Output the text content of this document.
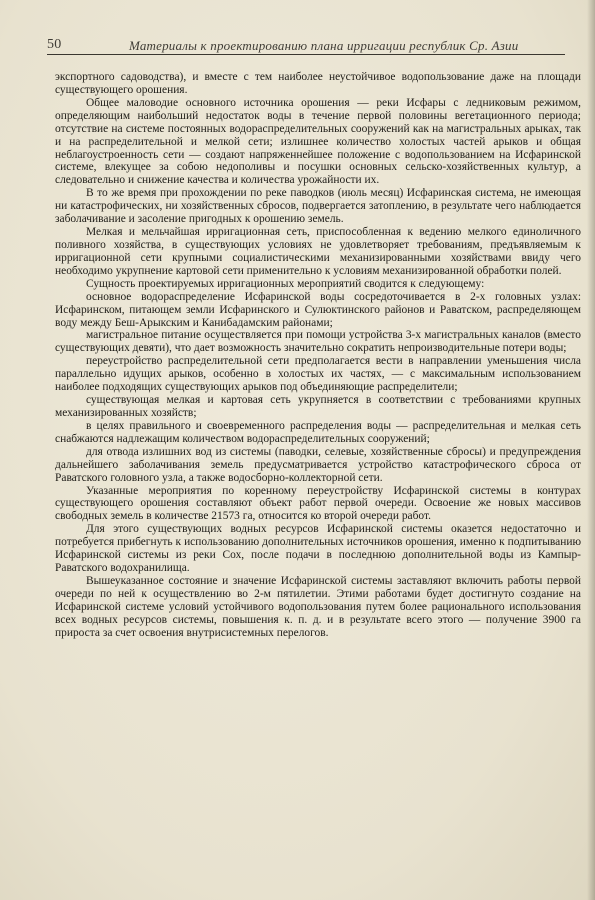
50	Материалы к проектированию плана ирригации республик Ср. Азии

экспортного садоводства), и вместе с тем наиболее неустойчивое водопользование даже на площади существующего орошения.

Общее маловодие основного источника орошения — реки Исфары с ледниковым режимом, определяющим наибольший недостаток воды в течение первой половины вегетационного периода; отсутствие на системе постоянных водораспределительных сооружений как на магистральных арыках, так и на распределительной и мелкой сети; излишнее количество холостых частей арыков и общая неблагоустроенность сети — создают напряженнейшее положение с водопользованием на Исфаринской системе, влекущее за собою недополивы и посушки основных сельско-хозяйственных культур, а следовательно и снижение качества и количества урожайности их.

В то же время при прохождении по реке паводков (июль месяц) Исфаринская система, не имеющая ни катастрофических, ни хозяйственных сбросов, подвергается затоплению, в результате чего наблюдается заболачивание и засоление пригодных к орошению земель.

Мелкая и мельчайшая ирригационная сеть, приспособленная к ведению мелкого единоличного поливного хозяйства, в существующих условиях не удовлетворяет требованиям, предъявляемым к ирригационной сети крупными социалистическими механизированными хозяйствами ввиду чего необходимо укрупнение картовой сети применительно к условиям механизированной обработки полей.

Сущность проектируемых ирригационных мероприятий сводится к следующему:

основное водораспределение Исфаринской воды сосредоточивается в 2-х головных узлах: Исфаринском, питающем земли Исфаринского и Сулюктинского районов и Раватском, распределяющем воду между Беш-Арыкским и Канибадамским районами;

магистральное питание осуществляется при помощи устройства 3-х магистральных каналов (вместо существующих девяти), что дает возможность значительно сократить непроизводительные потери воды;

переустройство распределительной сети предполагается вести в направлении уменьшения числа параллельно идущих арыков, особенно в холостых их частях, — с максимальным использованием наиболее подходящих существующих арыков под объединяющие распределители;

существующая мелкая и картовая сеть укрупняется в соответствии с требованиями крупных механизированных хозяйств;

в целях правильного и своевременного распределения воды — распределительная и мелкая сеть снабжаются надлежащим количеством водораспределительных сооружений;

для отвода излишних вод из системы (паводки, селевые, хозяйственные сбросы) и предупреждения дальнейшего заболачивания земель предусматривается устройство катастрофического сброса от Раватского головного узла, а также водосборно-коллекторной сети.

Указанные мероприятия по коренному переустройству Исфаринской системы в контурах существующего орошения составляют объект работ первой очереди. Освоение же новых массивов свободных земель в количестве 21573 га, относится ко второй очереди работ.

Для этого существующих водных ресурсов Исфаринской системы оказется недостаточно и потребуется прибегнуть к использованию дополнительных источников орошения, именно к подпитыванию Исфаринской системы из реки Сох, после подачи в последнюю дополнительной воды из Кампыр-Раватского водохранилища.

Вышеуказанное состояние и значение Исфаринской системы заставляют включить работы первой очереди по ней к осуществлению во 2-м пятилетии. Этими работами будет достигнуто создание на Исфаринской системе условий устойчивого водопользования путем более рационального использования всех водных ресурсов системы, повышения к. п. д. и в результате всего этого — получение 3900 га прироста за счет освоения внутрисистемных перелогов.
